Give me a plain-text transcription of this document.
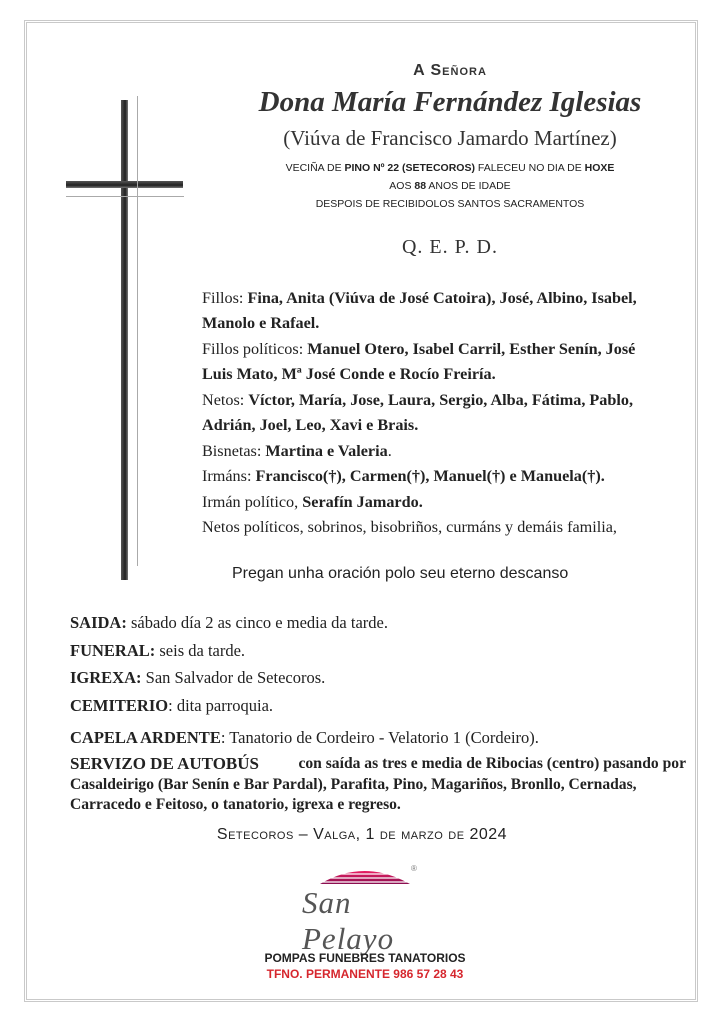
A Señora
Dona María Fernández Iglesias
(Viúva de Francisco Jamardo Martínez)
VECIÑA DE PINO Nº 22 (SETECOROS) FALECEU NO DIA DE HOXE
AOS 88 ANOS DE IDADE
DESPOIS DE RECIBIDOLOS SANTOS SACRAMENTOS
Q. E. P. D.
Fillos: Fina, Anita (Viúva de José Catoira), José, Albino, Isabel,
Manolo e Rafael.
Fillos políticos: Manuel Otero, Isabel Carril, Esther Senín, José
Luis Mato, Mª José Conde e Rocío Freiría.
Netos: Víctor, María, Jose, Laura, Sergio, Alba, Fátima, Pablo,
Adrián, Joel, Leo, Xavi e Brais.
Bisnetas: Martina e Valeria.
Irmáns: Francisco(†), Carmen(†), Manuel(†) e Manuela(†).
Irmán político, Serafín Jamardo.
Netos políticos, sobrinos, bisobriños, curmáns y demáis familia,
Pregan unha oración polo seu eterno descanso
SAIDA: sábado día 2 as cinco e media da tarde.
FUNERAL: seis da tarde.
IGREXA: San Salvador de Setecoros.
CEMITERIO: dita parroquia.
CAPELA ARDENTE: Tanatorio de Cordeiro - Velatorio 1 (Cordeiro).
SERVIZO DE AUTOBÚS	con saída as tres e media de Ribocias (centro) pasando por
Casaldeirigo (Bar Senín e Bar Pardal), Parafita, Pino, Magariños, Bronllo, Cernadas,
Carracedo e Feitoso, o tanatorio, igrexa e regreso.
Setecoros – Valga, 1 de marzo de 2024
San Pelayo
®
POMPAS FUNEBRES TANATORIOS
TFNO. PERMANENTE 986 57 28 43
